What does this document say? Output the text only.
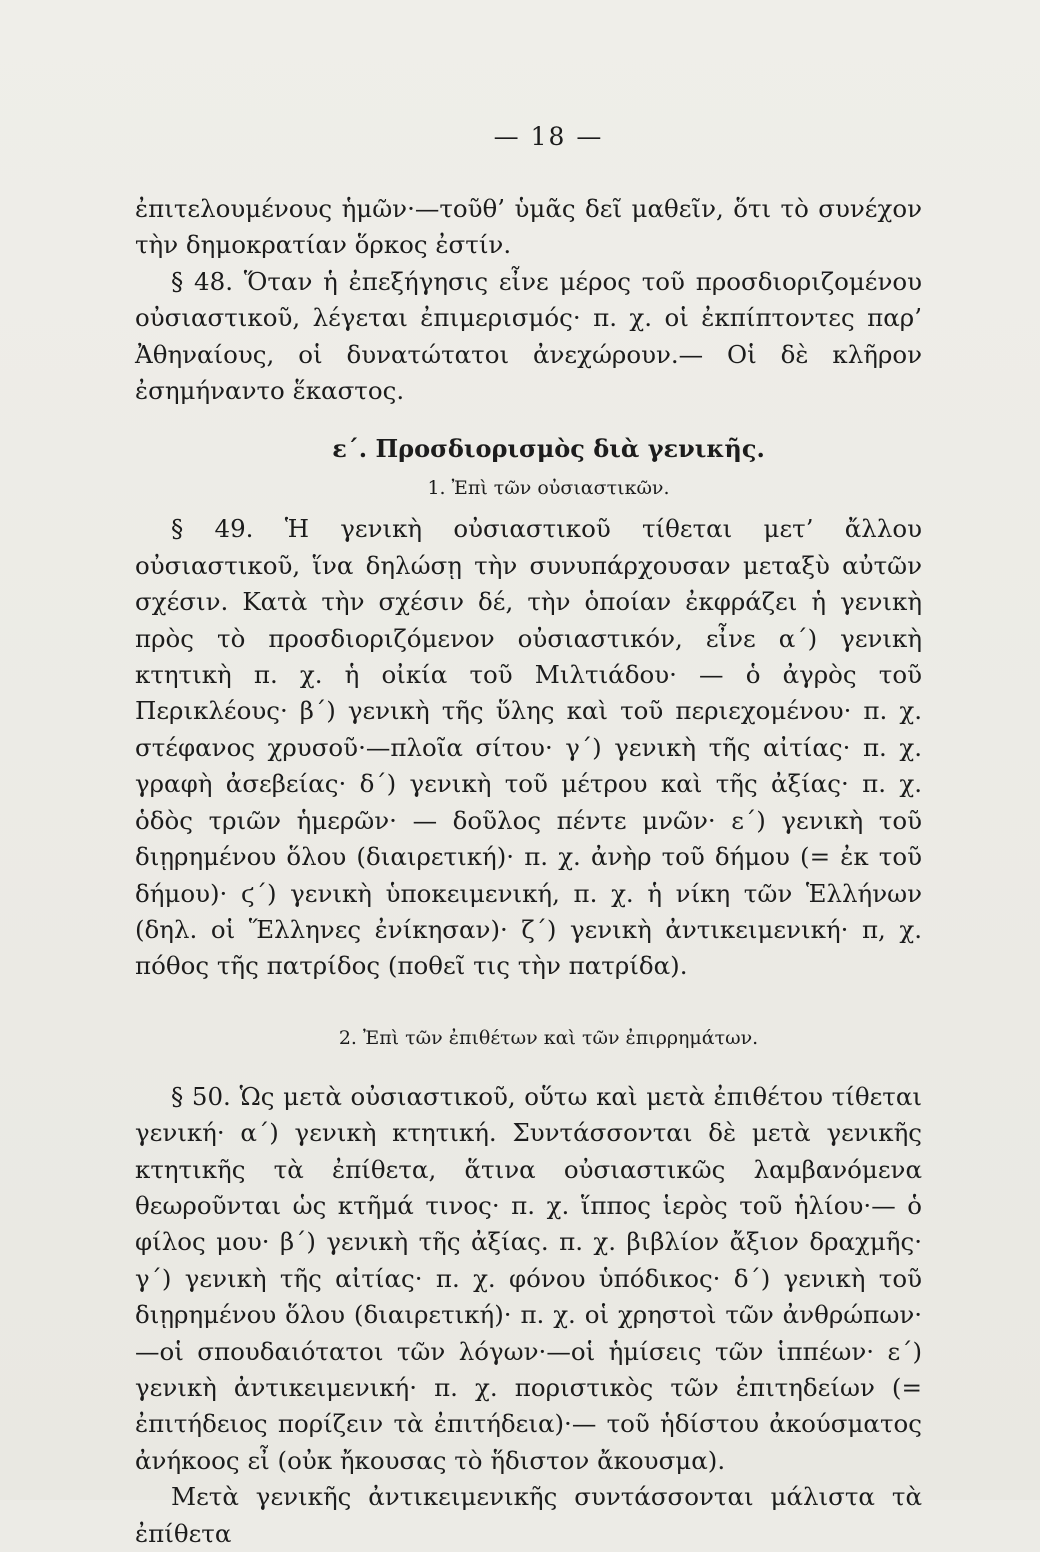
— 18 —

ἐπιτελουμένους ἡμῶν·—τοῦθ’ ὑμᾶς δεῖ μαθεῖν, ὅτι τὸ συνέχον τὴν δημοκρατίαν ὅρκος ἐστίν.

§ 48. Ὅταν ἡ ἐπεξήγησις εἶνε μέρος τοῦ προσδιοριζομένου οὐσιαστικοῦ, λέγεται ἐπιμερισμός· π. χ. οἱ ἐκπίπτοντες παρ’ Ἀθηναίους, οἱ δυνατώτατοι ἀνεχώρουν.— Οἱ δὲ κλῆρον ἐσημήναντο ἕκαστος.

ε΄. Προσδιορισμὸς διὰ γενικῆς.
1. Ἐπὶ τῶν οὐσιαστικῶν.

§ 49. Ἡ γενικὴ οὐσιαστικοῦ τίθεται μετ’ ἄλλου οὐσιαστικοῦ, ἵνα δηλώσῃ τὴν συνυπάρχουσαν μεταξὺ αὐτῶν σχέσιν. Κατὰ τὴν σχέσιν δέ, τὴν ὁποίαν ἐκφράζει ἡ γενικὴ πρὸς τὸ προσδιοριζόμενον οὐσιαστικόν, εἶνε α΄) γενικὴ κτητικὴ π. χ. ἡ οἰκία τοῦ Μιλτιάδου· — ὁ ἀγρὸς τοῦ Περικλέους· β΄) γενικὴ τῆς ὕλης καὶ τοῦ περιεχομένου· π. χ. στέφανος χρυσοῦ·—πλοῖα σίτου· γ΄) γενικὴ τῆς αἰτίας· π. χ. γραφὴ ἀσεβείας· δ΄) γενικὴ τοῦ μέτρου καὶ τῆς ἀξίας· π. χ. ὁδὸς τριῶν ἡμερῶν· — δοῦλος πέντε μνῶν· ε΄) γενικὴ τοῦ διῃρημένου ὅλου (διαιρετική)· π. χ. ἀνὴρ τοῦ δήμου (= ἐκ τοῦ δήμου)· ϛ΄) γενικὴ ὑποκειμενική, π. χ. ἡ νίκη τῶν Ἑλλήνων (δηλ. οἱ Ἕλληνες ἐνίκησαν)· ζ΄) γενικὴ ἀντικειμενική· π, χ. πόθος τῆς πατρίδος (ποθεῖ τις τὴν πατρίδα).

2. Ἐπὶ τῶν ἐπιθέτων καὶ τῶν ἐπιρρημάτων.

§ 50. Ὡς μετὰ οὐσιαστικοῦ, οὕτω καὶ μετὰ ἐπιθέτου τίθεται γενική· α΄) γενικὴ κτητική. Συντάσσονται δὲ μετὰ γενικῆς κτητικῆς τὰ ἐπίθετα, ἅτινα οὐσιαστικῶς λαμβανόμενα θεωροῦνται ὡς κτῆμά τινος· π. χ. ἵππος ἱερὸς τοῦ ἡλίου·— ὁ φίλος μου· β΄) γενικὴ τῆς ἀξίας. π. χ. βιβλίον ἄξιον δραχμῆς· γ΄) γενικὴ τῆς αἰτίας· π. χ. φόνου ὑπόδικος· δ΄) γενικὴ τοῦ διῃρημένου ὅλου (διαιρετική)· π. χ. οἱ χρηστοὶ τῶν ἀνθρώπων·—οἱ σπουδαιότατοι τῶν λόγων·—οἱ ἡμίσεις τῶν ἱππέων· ε΄) γενικὴ ἀντικειμενική· π. χ. ποριστικὸς τῶν ἐπιτηδείων (= ἐπιτήδειος πορίζειν τὰ ἐπιτήδεια)·— τοῦ ἡδίστου ἀκούσματος ἀνήκοος εἶ (οὐκ ἤκουσας τὸ ἥδιστον ἄκουσμα).

Μετὰ γενικῆς ἀντικειμενικῆς συντάσσονται μάλιστα τὰ ἐπίθετα
